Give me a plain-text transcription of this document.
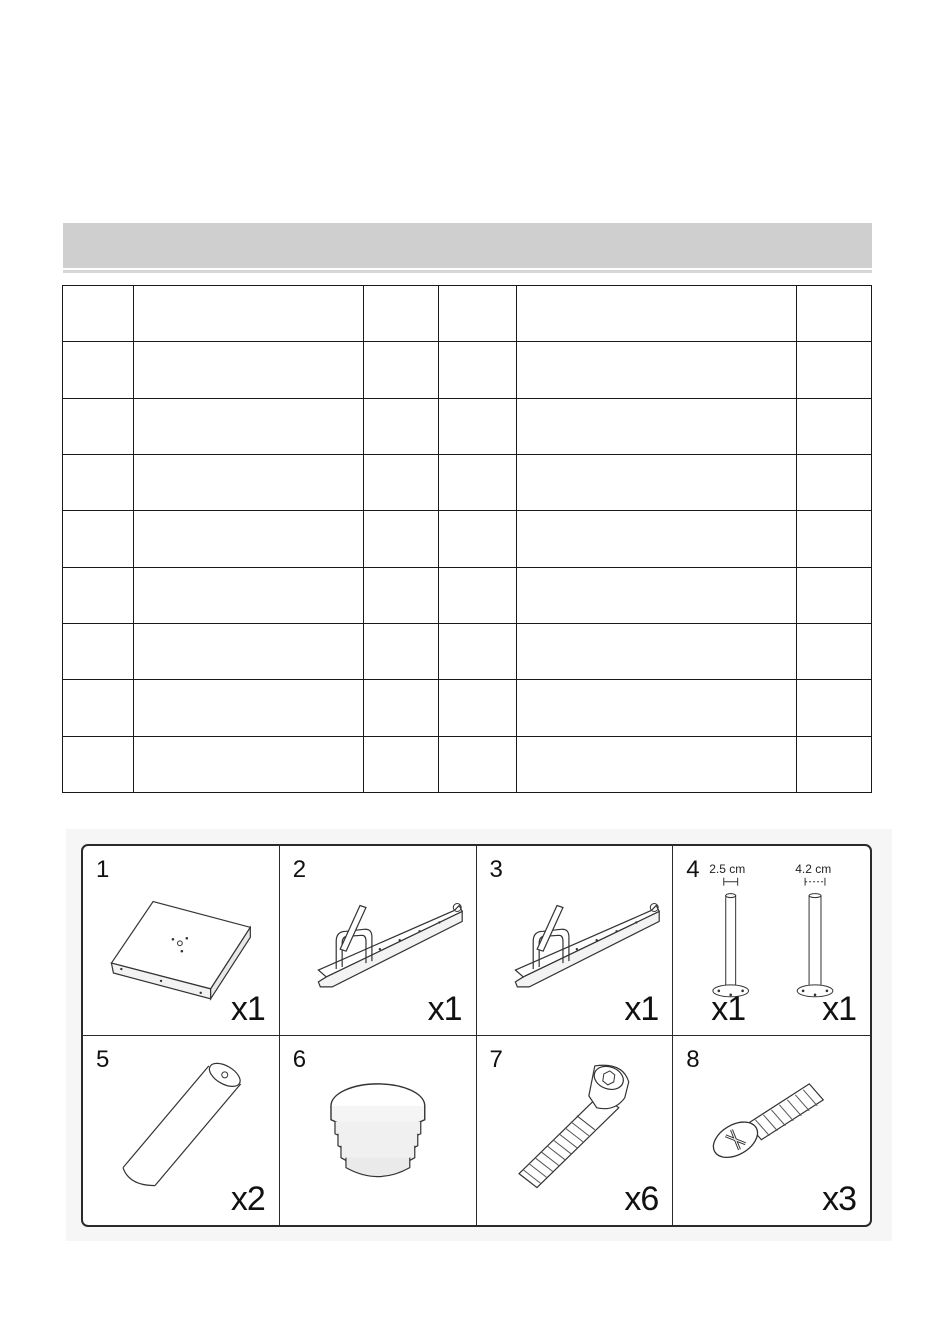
1
x1
2
x1
3
x1
4 2.5 cm	4.2 cm
x1 x1
5
x2
6	7
x6
8
x3
